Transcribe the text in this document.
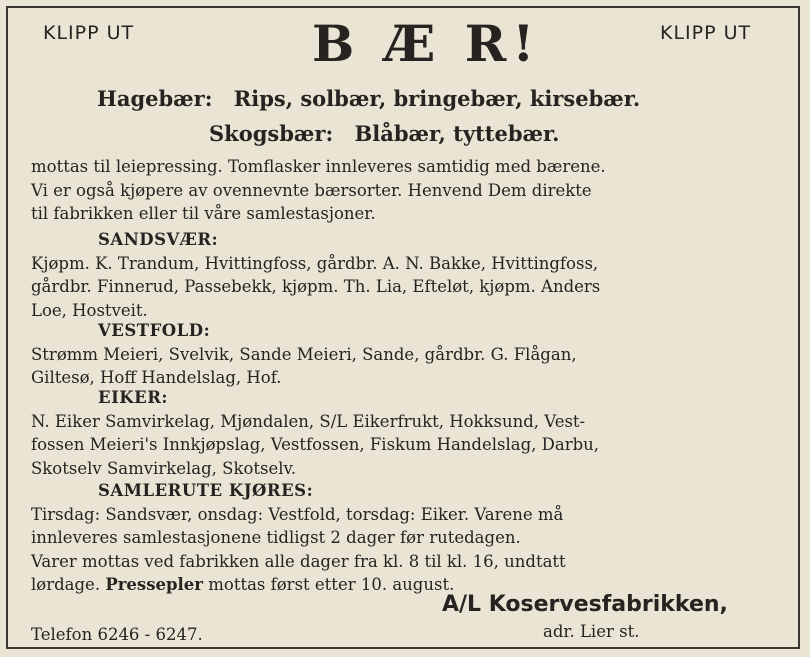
KLIPP UT	B Æ R!	KLIPP UT
Hagebær: Rips, solbær, bringebær, kirsebær.
Skogsbær: Blåbær, tyttebær.
mottas til leiepressing. Tomflasker innleveres samtidig med bærene.
Vi er også kjøpere av ovennevnte bærsorter. Henvend Dem direkte
til fabrikken eller til våre samlestasjoner.
SANDSVÆR:
Kjøpm. K. Trandum, Hvittingfoss, gårdbr. A. N. Bakke, Hvittingfoss,
gårdbr. Finnerud, Passebekk, kjøpm. Th. Lia, Efteløt, kjøpm. Anders
Loe, Hostveit.
VESTFOLD:
Strømm Meieri, Svelvik, Sande Meieri, Sande, gårdbr. G. Flågan,
Giltesø, Hoff Handelslag, Hof.
EIKER:
N. Eiker Samvirkelag, Mjøndalen, S/L Eikerfrukt, Hokksund, Vest-
fossen Meieri's Innkjøpslag, Vestfossen, Fiskum Handelslag, Darbu,
Skotselv Samvirkelag, Skotselv.
SAMLERUTE KJØRES:
Tirsdag: Sandsvær, onsdag: Vestfold, torsdag: Eiker. Varene må
innleveres samlestasjonene tidligst 2 dager før rutedagen.
Varer mottas ved fabrikken alle dager fra kl. 8 til kl. 16, undtatt
lørdage. Pressepler mottas først etter 10. august.
A/L Koservesfabrikken,
adr. Lier st.
Telefon 6246 - 6247.
